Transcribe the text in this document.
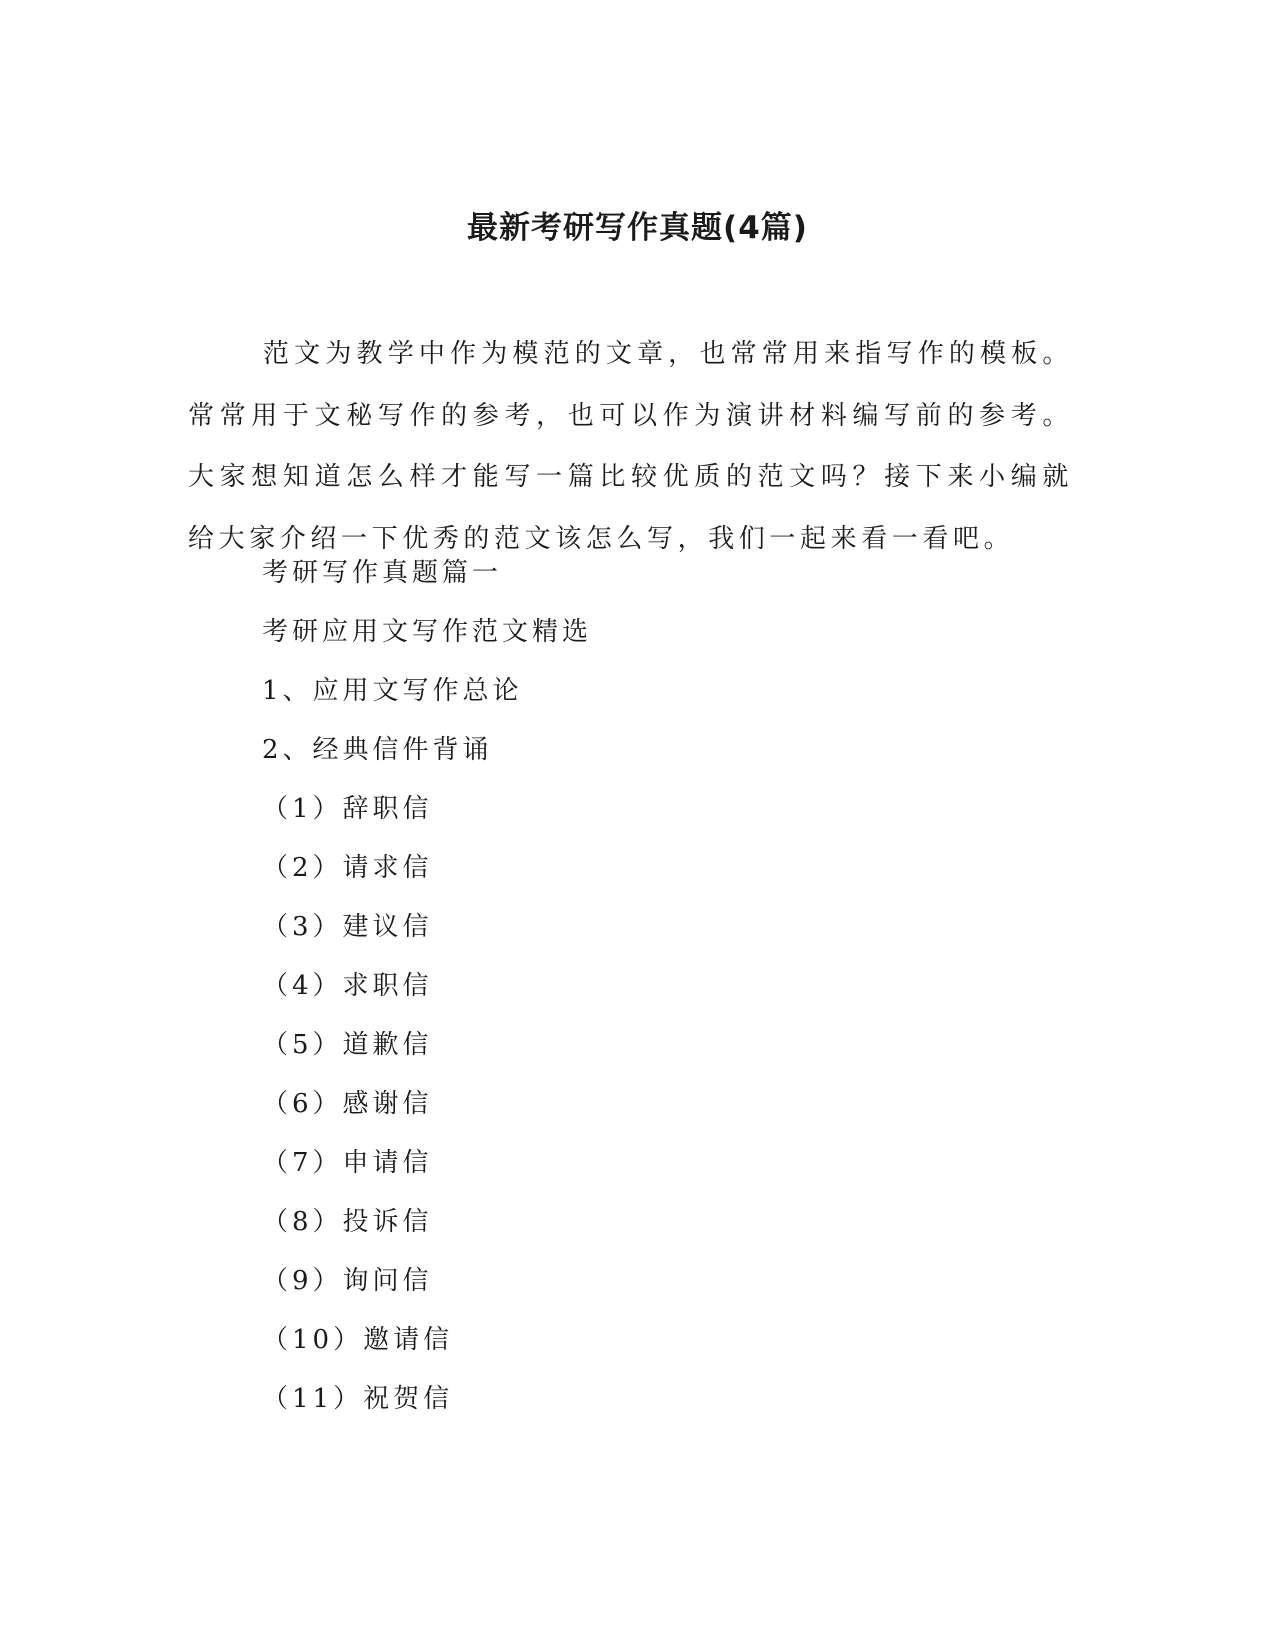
最新考研写作真题(4篇)
范文为教学中作为模范的文章，也常常用来指写作的模板。常常用于文秘写作的参考，也可以作为演讲材料编写前的参考。大家想知道怎么样才能写一篇比较优质的范文吗？接下来小编就给大家介绍一下优秀的范文该怎么写，我们一起来看一看吧。
考研写作真题篇一
考研应用文写作范文精选
1、应用文写作总论
2、经典信件背诵
（1）辞职信
（2）请求信
（3）建议信
（4）求职信
（5）道歉信
（6）感谢信
（7）申请信
（8）投诉信
（9）询问信
（10）邀请信
（11）祝贺信
